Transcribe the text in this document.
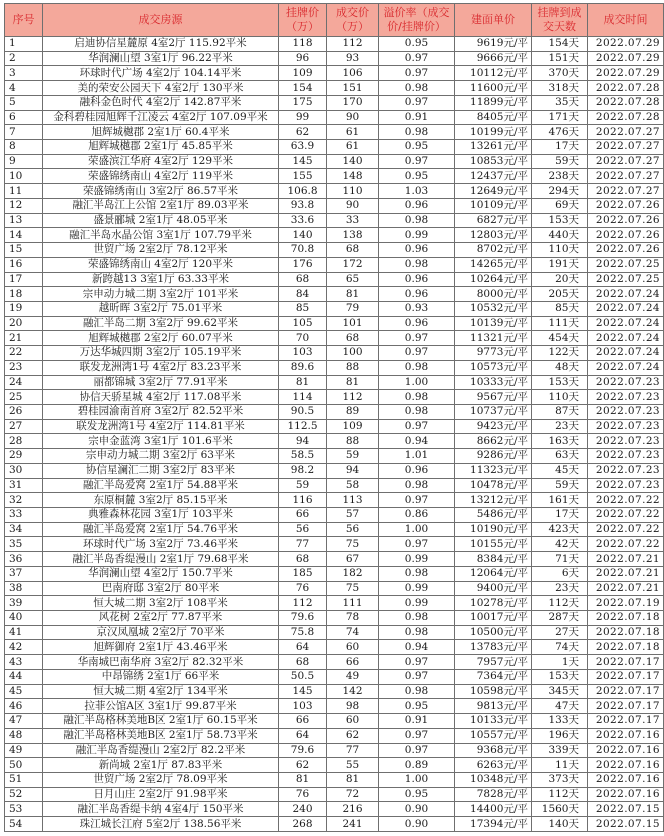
序号	成交房源	挂牌价（万）	成交价（万）	溢价率（成交价/挂牌价）	建面单价	挂牌到成交天数	成交时间
1	启迪协信星麓原 4室2厅 115.92平米	118	112	0.95	9619元/平	154天	2022.07.29
2	华润澜山望 3室1厅 96.22平米	96	93	0.97	9666元/平	151天	2022.07.29
3	环球时代广场 4室2厅 104.14平米	109	106	0.97	10112元/平	370天	2022.07.29
4	美的荣安公园天下 4室2厅 130平米	154	151	0.98	11600元/平	318天	2022.07.28
5	融科金色时代 4室2厅 142.87平米	175	170	0.97	11899元/平	35天	2022.07.28
6	金科碧桂园旭辉千江凌云 4室2厅 107.09平米	99	90	0.91	8405元/平	171天	2022.07.28
7	旭辉城樾郡 2室1厅 60.4平米	62	61	0.98	10199元/平	476天	2022.07.27
8	旭辉城樾郡 2室1厅 45.85平米	63.9	61	0.95	13261元/平	17天	2022.07.27
9	荣盛滨江华府 4室2厅 129平米	145	140	0.97	10853元/平	59天	2022.07.27
10	荣盛锦绣南山 4室2厅 119平米	155	148	0.95	12437元/平	238天	2022.07.27
11	荣盛锦绣南山 3室2厅 86.57平米	106.8	110	1.03	12649元/平	294天	2022.07.27
12	融汇半岛江上公馆 2室1厅 89.03平米	93.8	90	0.96	10109元/平	69天	2022.07.26
13	盛景郦城 2室1厅 48.05平米	33.6	33	0.98	6827元/平	153天	2022.07.26
14	融汇半岛水晶公馆 3室1厅 107.79平米	140	138	0.99	12803元/平	440天	2022.07.26
15	世贸广场 2室2厅 78.12平米	70.8	68	0.96	8702元/平	110天	2022.07.26
16	荣盛锦绣南山 4室2厅 120平米	176	172	0.98	14265元/平	191天	2022.07.25
17	新跨越13 3室1厅 63.33平米	68	65	0.96	10264元/平	20天	2022.07.25
18	宗申动力城二期 3室2厅 101平米	84	81	0.96	8000元/平	205天	2022.07.24
19	越昕晖 3室2厅 75.01平米	85	79	0.93	10532元/平	85天	2022.07.24
20	融汇半岛二期 3室2厅 99.62平米	105	101	0.96	10139元/平	111天	2022.07.24
21	旭辉城樾郡 2室2厅 60.07平米	70	68	0.97	11321元/平	454天	2022.07.24
22	万达华城四期 3室2厅 105.19平米	103	100	0.97	9773元/平	122天	2022.07.24
23	联发龙洲湾1号 4室2厅 83.23平米	89.6	88	0.98	10573元/平	48天	2022.07.24
24	丽都锦城 3室2厅 77.91平米	81	81	1.00	10333元/平	153天	2022.07.23
25	协信天骄星城 4室2厅 117.08平米	114	112	0.98	9567元/平	110天	2022.07.23
26	碧桂园渝南首府 3室2厅 82.52平米	90.5	89	0.98	10737元/平	87天	2022.07.23
27	联发龙洲湾1号 4室2厅 114.81平米	112.5	109	0.97	9423元/平	23天	2022.07.23
28	宗申金蓝湾 3室1厅 101.6平米	94	88	0.94	8662元/平	163天	2022.07.23
29	宗申动力城二期 3室2厅 63平米	58.5	59	1.01	9286元/平	63天	2022.07.23
30	协信星澜汇二期 3室2厅 83平米	98.2	94	0.96	11323元/平	45天	2022.07.23
31	融汇半岛爱窝 2室1厅 54.88平米	59	58	0.98	10478元/平	59天	2022.07.23
32	东原桐麓 3室2厅 85.15平米	116	113	0.97	13212元/平	161天	2022.07.22
33	典雅森林花园 3室1厅 103平米	66	57	0.86	5486元/平	17天	2022.07.22
34	融汇半岛爱窝 2室1厅 54.76平米	56	56	1.00	10190元/平	423天	2022.07.22
35	环球时代广场 3室2厅 73.46平米	77	75	0.97	10155元/平	42天	2022.07.22
36	融汇半岛香缇漫山 2室1厅 79.68平米	68	67	0.99	8384元/平	71天	2022.07.21
37	华润澜山望 4室2厅 150.7平米	185	182	0.98	12064元/平	6天	2022.07.21
38	巴南府邸 3室2厅 80平米	76	75	0.99	9400元/平	23天	2022.07.21
39	恒大城二期 3室2厅 108平米	112	111	0.99	10278元/平	112天	2022.07.19
40	风花树 2室2厅 77.87平米	79.6	78	0.98	10017元/平	287天	2022.07.18
41	京汉凤凰城 2室2厅 70平米	75.8	74	0.98	10500元/平	27天	2022.07.18
42	旭辉御府 2室1厅 43.46平米	64	60	0.94	13783元/平	74天	2022.07.18
43	华南城巴南华府 3室2厅 82.32平米	68	66	0.97	7957元/平	1天	2022.07.17
44	中昂锦绣 2室1厅 66平米	50.5	49	0.97	7364元/平	153天	2022.07.17
45	恒大城二期 4室2厅 134平米	145	142	0.98	10598元/平	345天	2022.07.17
46	拉菲公馆A区 3室1厅 99.87平米	103	98	0.95	9813元/平	47天	2022.07.17
47	融汇半岛格林美地B区 2室1厅 60.15平米	66	60	0.91	10133元/平	133天	2022.07.17
48	融汇半岛格林美地B区 2室1厅 58.73平米	64	62	0.97	10557元/平	196天	2022.07.16
49	融汇半岛香缇漫山 2室2厅 82.2平米	79.6	77	0.97	9368元/平	339天	2022.07.16
50	新尚城 2室1厅 87.83平米	62	55	0.89	6263元/平	11天	2022.07.16
51	世贸广场 2室2厅 78.09平米	81	81	1.00	10348元/平	373天	2022.07.16
52	日月山庄 2室2厅 91.98平米	76	72	0.95	7828元/平	112天	2022.07.16
53	融汇半岛香缇卡纳 4室4厅 150平米	240	216	0.90	14400元/平	1560天	2022.07.15
54	珠江城长江府 5室2厅 138.56平米	268	241	0.90	17394元/平	140天	2022.07.15
